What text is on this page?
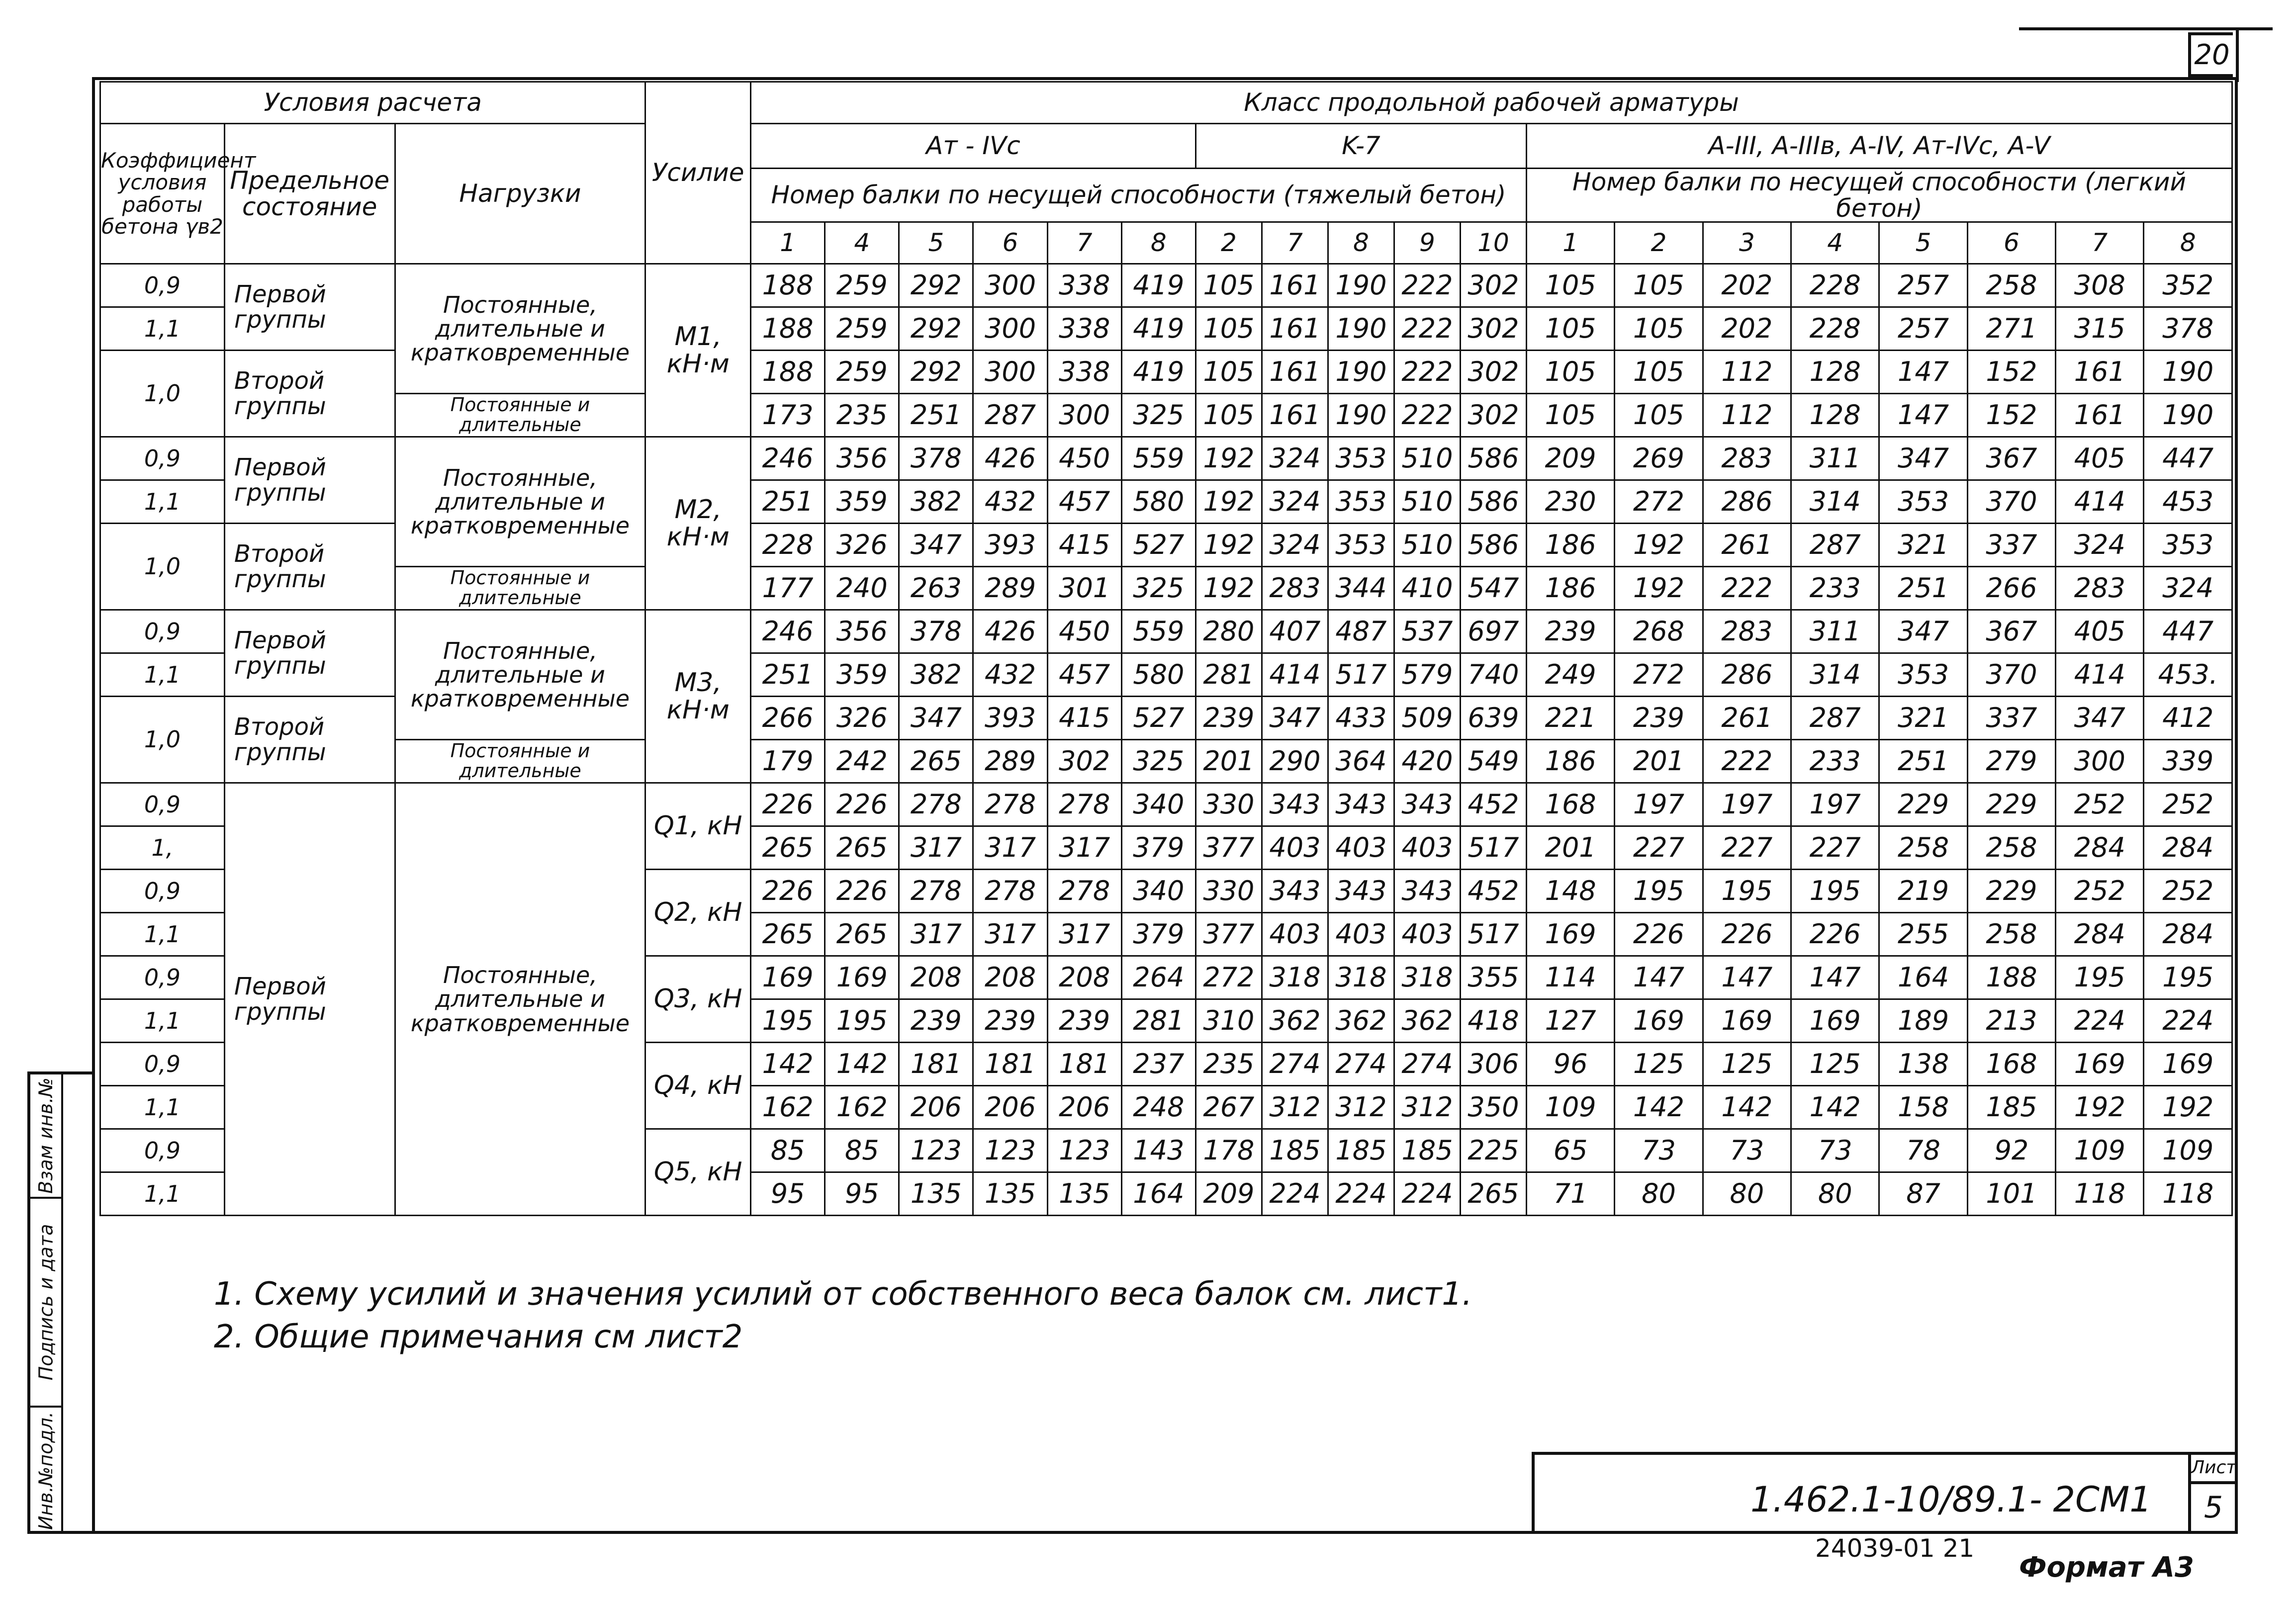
20
Условия расчета			Усилие	Класс продольной рабочей арматуры																		
Коэффициент условия работы бетона γв2	Предельное состояние	Нагрузки		Aт - IVc						K-7					A-III, A-IIIв, A-IV, Aт-IVc, A-V							
				Номер балки по несущей способности (тяжелый бетон)											Номер балки по несущей способности (легкий бетон)							
				1	4	5	6	7	8	2	7	8	9	10	1	2	3	4	5	6	7	8
0,9	Первой группы	Постоянные, длительные и кратковременные	M1, кН·м	188	259	292	300	338	419	105	161	190	222	302	105	105	202	228	257	258	308	352
1,1				188	259	292	300	338	419	105	161	190	222	302	105	105	202	228	257	271	315	378
1,0	Второй группы			188	259	292	300	338	419	105	161	190	222	302	105	105	112	128	147	152	161	190
		Постоянные и длительные		173	235	251	287	300	325	105	161	190	222	302	105	105	112	128	147	152	161	190
0,9	Первой группы	Постоянные, длительные и кратковременные	M2, кН·м	246	356	378	426	450	559	192	324	353	510	586	209	269	283	311	347	367	405	447
1,1				251	359	382	432	457	580	192	324	353	510	586	230	272	286	314	353	370	414	453
1,0	Второй группы			228	326	347	393	415	527	192	324	353	510	586	186	192	261	287	321	337	324	353
		Постоянные и длительные		177	240	263	289	301	325	192	283	344	410	547	186	192	222	233	251	266	283	324
0,9	Первой группы	Постоянные, длительные и кратковременные	M3, кН·м	246	356	378	426	450	559	280	407	487	537	697	239	268	283	311	347	367	405	447
1,1				251	359	382	432	457	580	281	414	517	579	740	249	272	286	314	353	370	414	453.
1,0	Второй группы			266	326	347	393	415	527	239	347	433	509	639	221	239	261	287	321	337	347	412
		Постоянные и длительные		179	242	265	289	302	325	201	290	364	420	549	186	201	222	233	251	279	300	339
0,9	Первой группы	Постоянные, длительные и кратковременные	Q1, кН	226	226	278	278	278	340	330	343	343	343	452	168	197	197	197	229	229	252	252
1,				265	265	317	317	317	379	377	403	403	403	517	201	227	227	227	258	258	284	284
0,9			Q2, кН	226	226	278	278	278	340	330	343	343	343	452	148	195	195	195	219	229	252	252
1,1				265	265	317	317	317	379	377	403	403	403	517	169	226	226	226	255	258	284	284
0,9			Q3, кН	169	169	208	208	208	264	272	318	318	318	355	114	147	147	147	164	188	195	195
1,1				195	195	239	239	239	281	310	362	362	362	418	127	169	169	169	189	213	224	224
0,9			Q4, кН	142	142	181	181	181	237	235	274	274	274	306	96	125	125	125	138	168	169	169
1,1				162	162	206	206	206	248	267	312	312	312	350	109	142	142	142	158	185	192	192
0,9			Q5, кН	85	85	123	123	123	143	178	185	185	185	225	65	73	73	73	78	92	109	109
1,1				95	95	135	135	135	164	209	224	224	224	265	71	80	80	80	87	101	118	118
1. Схему усилий и значения усилий от собственного веса балок см. лист1.
2. Общие примечания см лист2
1.462.1-10/89.1- 2СМ1
Лист
5
24039-01 21
Формат A3
Взам инв.№
Подпись и дата
Инв.№подл.
